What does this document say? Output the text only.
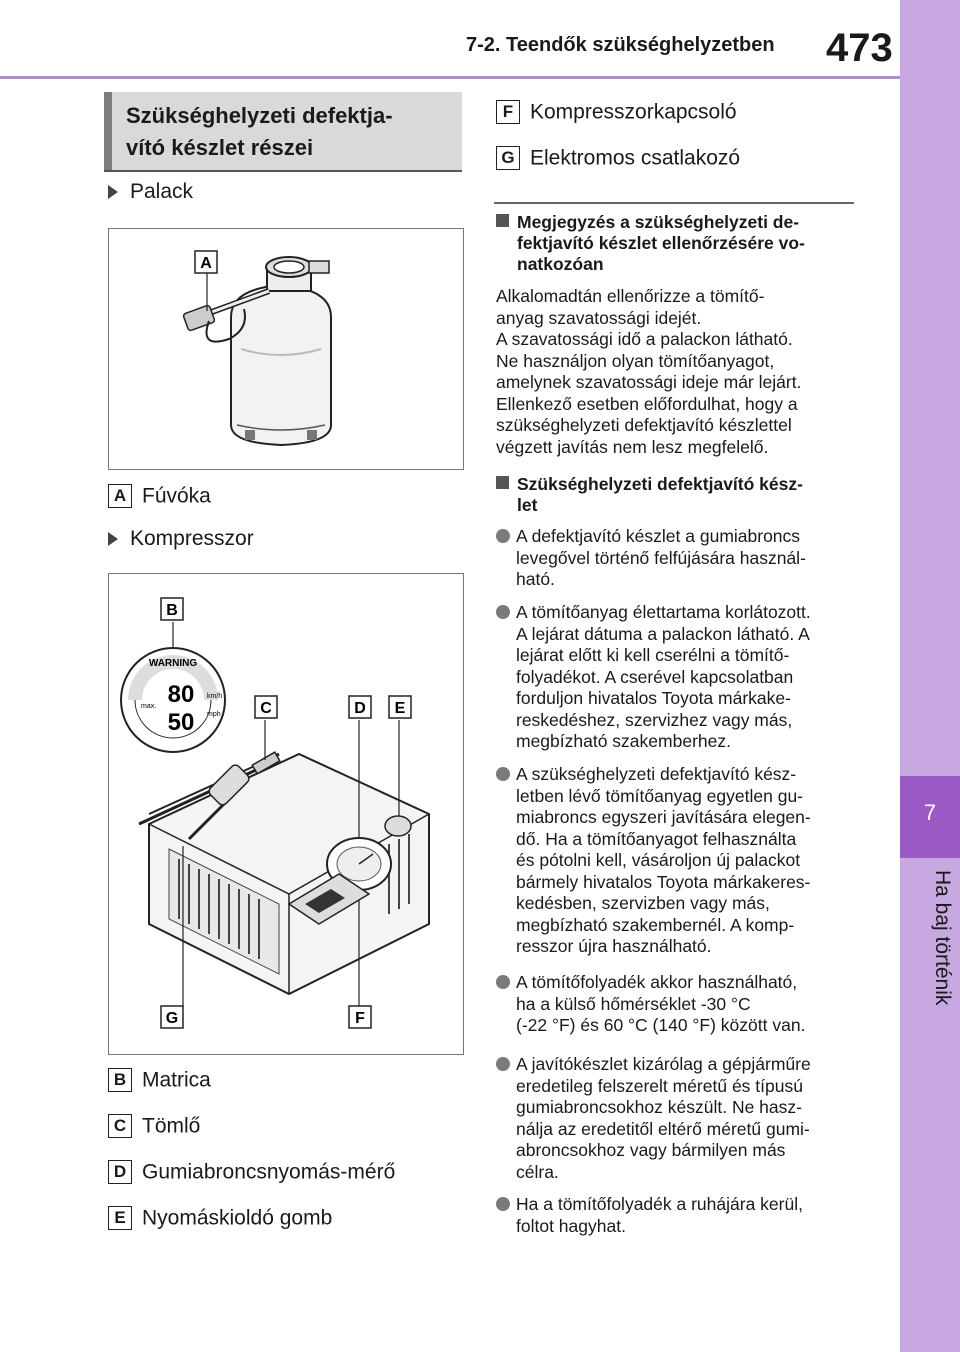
7-2. Teendők szükséghelyzetben 473
7
Ha baj történik
Szükséghelyzeti defektja-
vító készlet részei
Palack
A
A Fúvóka
Kompresszor
WARNING
80
50
km/h
mph
max.
B
C	D E
F
G
B Matrica
C Tömlő
D Gumiabroncsnyomás-mérő
E Nyomáskioldó gomb
F Kompresszorkapcsoló
G Elektromos csatlakozó
Megjegyzés a szükséghelyzeti de-
fektjavító készlet ellenőrzésére vo-
natkozóan
Alkalomadtán ellenőrizze a tömítő-
anyag szavatossági idejét.
A szavatossági idő a palackon látható.
Ne használjon olyan tömítőanyagot,
amelynek szavatossági ideje már lejárt.
Ellenkező esetben előfordulhat, hogy a
szükséghelyzeti defektjavító készlettel
végzett javítás nem lesz megfelelő.
Szükséghelyzeti defektjavító kész-
let
A defektjavító készlet a gumiabroncs
levegővel történő felfújására használ-
ható.
A tömítőanyag élettartama korlátozott.
A lejárat dátuma a palackon látható. A
lejárat előtt ki kell cserélni a tömítő-
folyadékot. A cserével kapcsolatban
forduljon hivatalos Toyota márkake-
reskedéshez, szervizhez vagy más,
megbízható szakemberhez.
A szükséghelyzeti defektjavító kész-
letben lévő tömítőanyag egyetlen gu-
miabroncs egyszeri javítására elegen-
dő. Ha a tömítőanyagot felhasználta
és pótolni kell, vásároljon új palackot
bármely hivatalos Toyota márkakeres-
kedésben, szervizben vagy más,
megbízható szakembernél. A komp-
resszor újra használható.
A tömítőfolyadék akkor használható,
ha a külső hőmérséklet -30 °C
(-22 °F) és 60 °C (140 °F) között van.
A javítókészlet kizárólag a gépjárműre
eredetileg felszerelt méretű és típusú
gumiabroncsokhoz készült. Ne hasz-
nálja az eredetitől eltérő méretű gumi-
abroncsokhoz vagy bármilyen más
célra.
Ha a tömítőfolyadék a ruhájára kerül,
foltot hagyhat.
